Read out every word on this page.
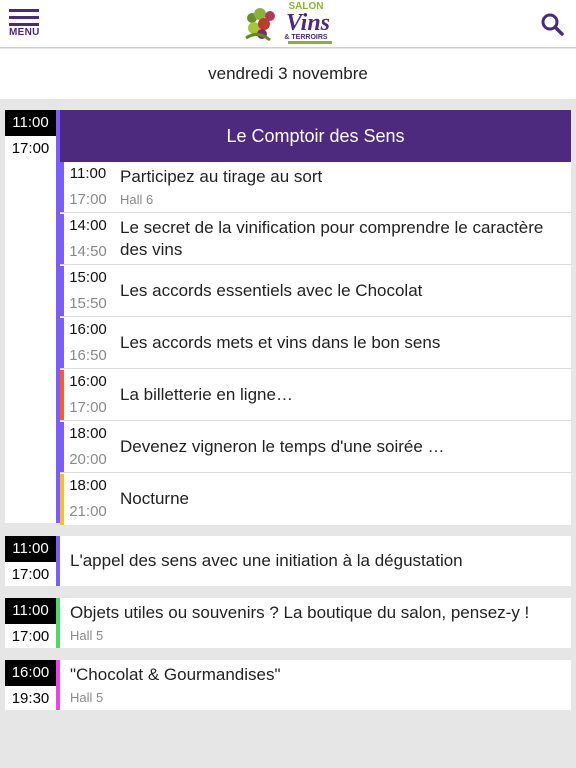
MENU
SALON
Vins
& TERROIRS
vendredi 3 novembre
11:00
17:00
Le Comptoir des Sens
11:00
17:00
Participez au tirage au sort
Hall 6
14:00
14:50
Le secret de la vinification pour comprendre le caractère des vins
15:00
15:50
Les accords essentiels avec le Chocolat
16:00
16:50
Les accords mets et vins dans le bon sens
16:00
17:00
La billetterie en ligne…
18:00
20:00
Devenez vigneron le temps d'une soirée …
18:00
21:00
Nocturne
11:00
17:00
L'appel des sens avec une initiation à la dégustation
11:00
17:00
Objets utiles ou souvenirs ? La boutique du salon, pensez-y !
Hall 5
16:00
19:30
"Chocolat & Gourmandises"
Hall 5
